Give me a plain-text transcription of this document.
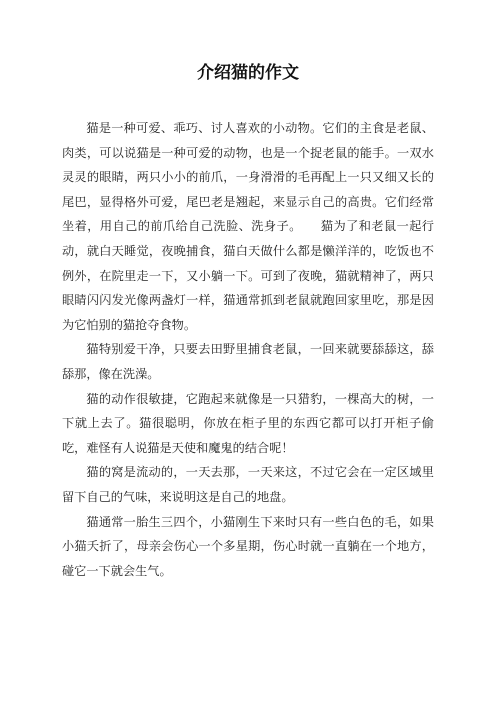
介绍猫的作文

猫是一种可爱、乖巧、讨人喜欢的小动物。它们的主食是老鼠、肉类，可以说猫是一种可爱的动物，也是一个捉老鼠的能手。一双水灵灵的眼睛，两只小小的前爪，一身滑滑的毛再配上一只又细又长的尾巴，显得格外可爱，尾巴老是翘起，来显示自己的高贵。它们经常坐着，用自己的前爪给自己洗脸、洗身子。　　猫为了和老鼠一起行动，就白天睡觉，夜晚捕食，猫白天做什么都是懒洋洋的，吃饭也不例外，在院里走一下，又小躺一下。可到了夜晚，猫就精神了，两只眼睛闪闪发光像两盏灯一样，猫通常抓到老鼠就跑回家里吃，那是因为它怕别的猫抢夺食物。

猫特别爱干净，只要去田野里捕食老鼠，一回来就要舔舔这，舔舔那，像在洗澡。

猫的动作很敏捷，它跑起来就像是一只猎豹，一棵高大的树，一下就上去了。猫很聪明，你放在柜子里的东西它都可以打开柜子偷吃，难怪有人说猫是天使和魔鬼的结合呢！

猫的窝是流动的，一天去那，一天来这，不过它会在一定区域里留下自己的气味，来说明这是自己的地盘。

猫通常一胎生三四个，小猫刚生下来时只有一些白色的毛，如果小猫夭折了，母亲会伤心一个多星期，伤心时就一直躺在一个地方，碰它一下就会生气。
